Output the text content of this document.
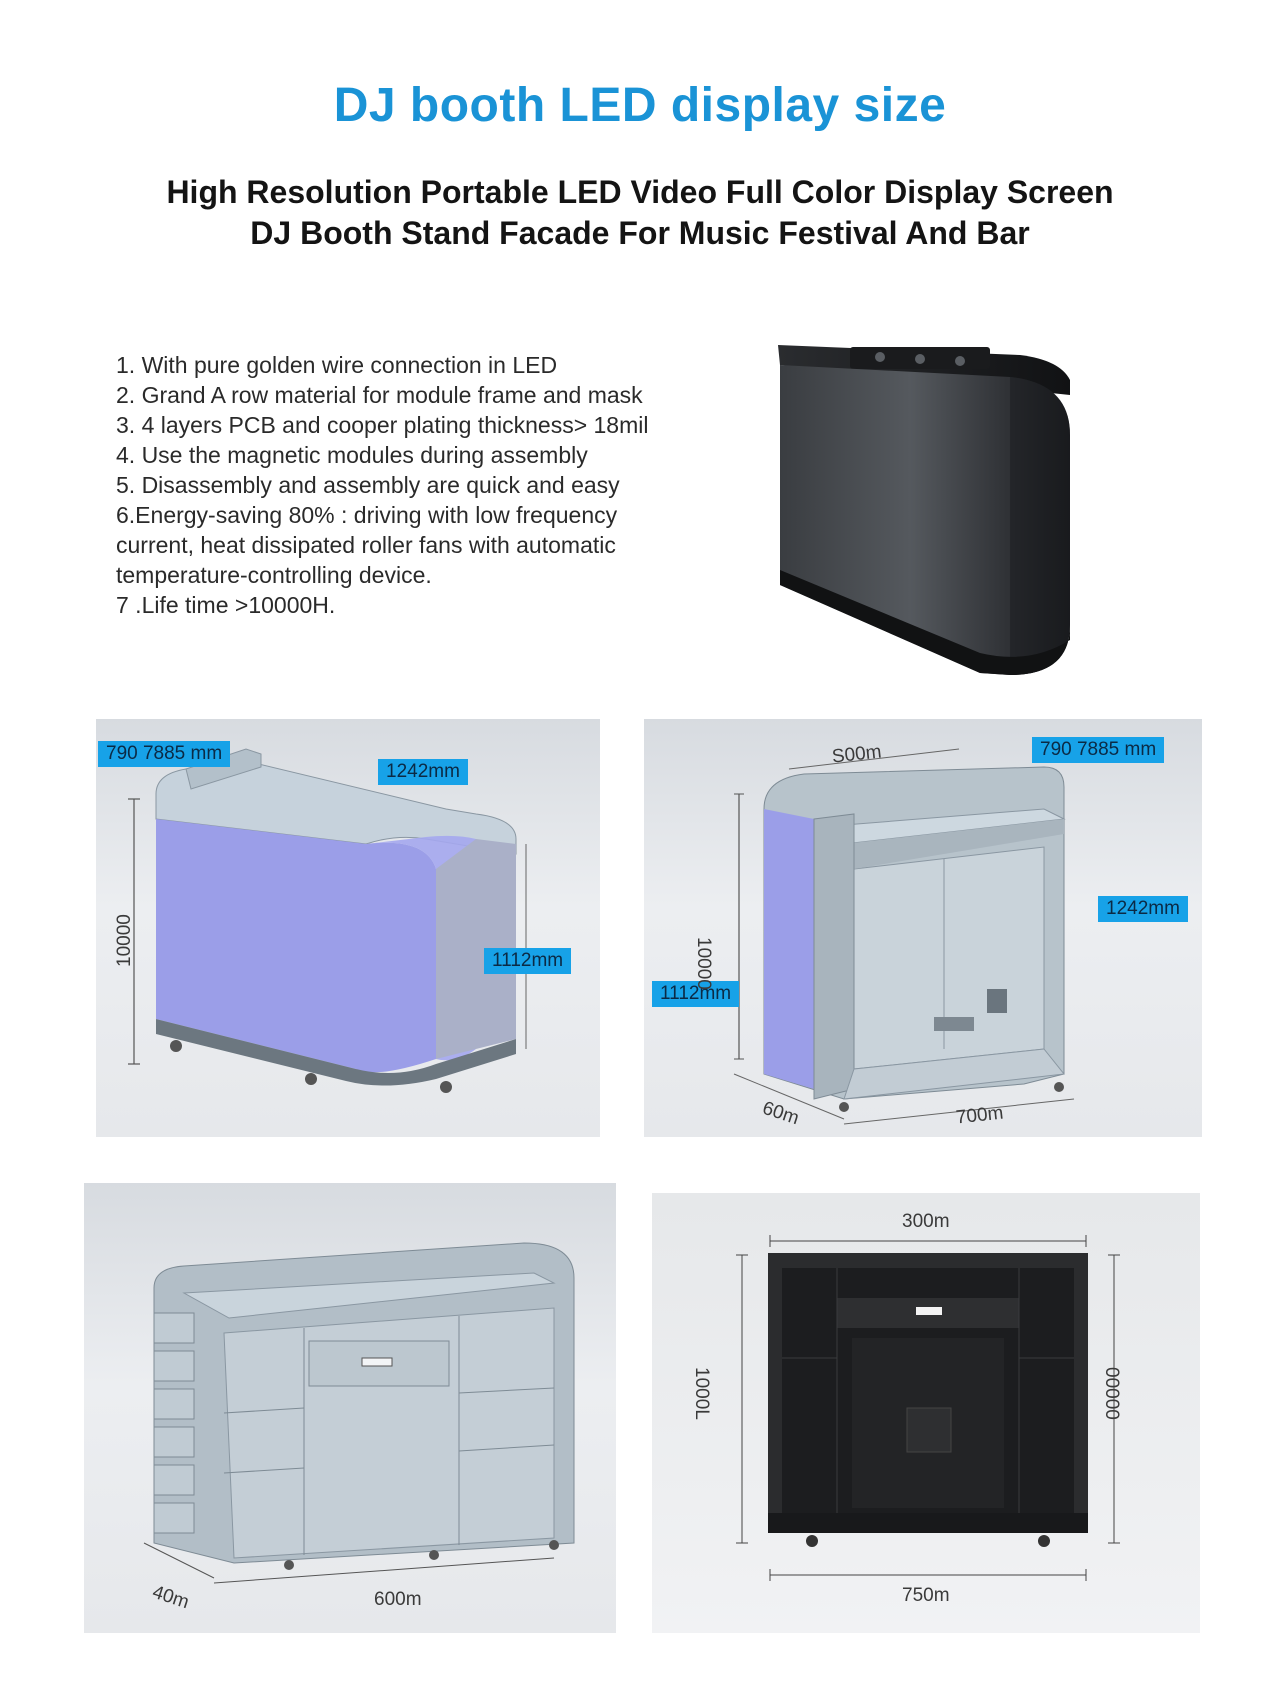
DJ booth LED display size
High Resolution Portable LED Video Full Color Display Screen
DJ Booth Stand Facade For Music Festival And Bar
1. With pure golden wire connection in LED
2. Grand A row material for module frame and mask
3. 4 layers PCB and cooper plating thickness> 18mil
4. Use the magnetic modules during assembly
5. Disassembly and assembly are quick and easy
6.Energy-saving 80% : driving with low frequency
current, heat dissipated roller fans with automatic
temperature-controlling device.
7 .Life time >10000H.
790 7885 mm
1242mm
1112mm
10000
S00m	790 7885 mm
1242mm
1112mm
10000
60m	700m
40m	600m
300m
750m
1000L	00000
